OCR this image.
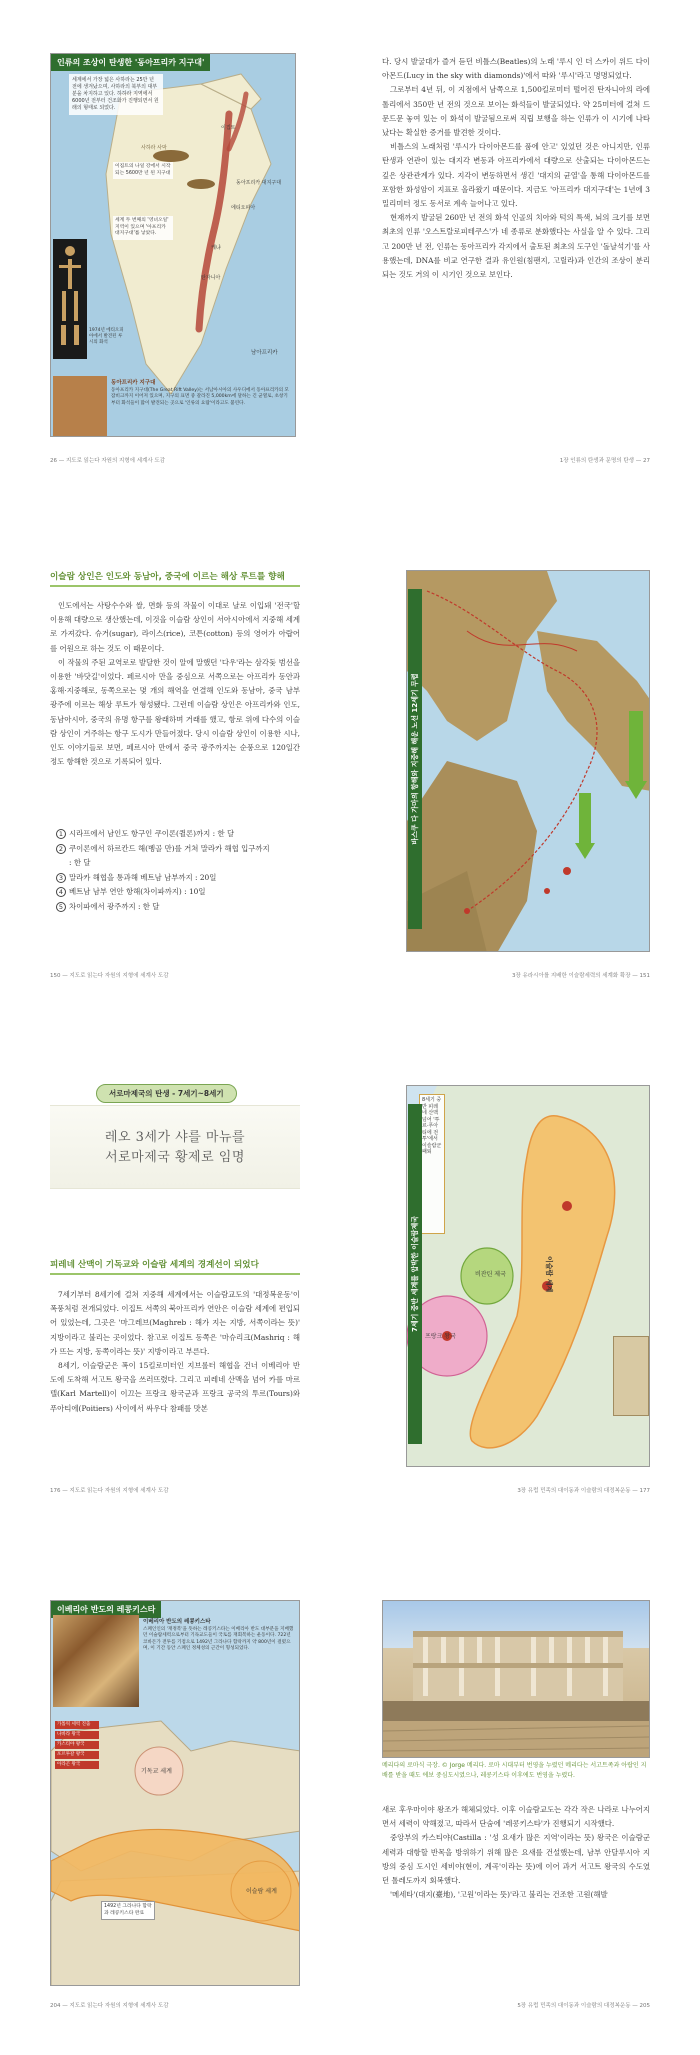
인류의 조상이 탄생한 '동아프리카 지구대'
남아프리카
동아프리카 대지구대
이집트
에티오피아
케냐
탄자니아
사하라 사막
세계에서 가장 넓은 사하라는 25만 년 전에 생겨났으며, 사하라의 북부의 대부분을 차지하고 있다. 하하라 지역에서 6000년 전부터 건조화가 진행되면서 원래의 형태로 되었다.
이집트의 나일 강에서 시작되는 5600만 년 된 지구대
세계 두 번째의 '영녀오일' 지역이 있으며 '아프리카 대지구대'를 낳았다.
1974년 에티오피아에서 발견된 루시의 화석
동아프리카 지구대
동아프리카 지구대(The Great Rift Valley)는 서남아시아의 사우디에서 동아프리카의 모잠비크까지 이어져 있으며, 지구의 표면 중 갈라진 5,000km에 달하는 긴 균열로, 초창기부터 화석들이 많이 발견되는 곳으로 '인류의 요람'이라고도 불린다.
26 — 지도로 읽는다 자원의 지형에 세계사 도감

다. 당시 발굴대가 즐겨 듣던 비틀스(Beatles)의 노래 '루시 인 더 스카이 위드 다이아몬드(Lucy in the sky with diamonds)'에서 따와 '루시'라고 명명되었다.

그로부터 4년 뒤, 이 지점에서 남쪽으로 1,500킬로미터 떨어진 탄자니아의 라에톨리에서 350만 년 전의 것으로 보이는 화석들이 발굴되었다. 약 25미터에 걸쳐 드문드문 놓여 있는 이 화석이 발굴됨으로써 직립 보행을 하는 인류가 이 시기에 나타났다는 확실한 증거를 발견한 것이다.

비틀스의 노래처럼 '루시가 다이아몬드를 품에 안고' 있었던 것은 아니지만, 인류 탄생과 연관이 있는 대지각 변동과 아프리카에서 대량으로 산출되는 다이아몬드는 깊은 상관관계가 있다. 지각이 변동하면서 생긴 '대지의 균열'을 통해 다이아몬드를 포함한 화성암이 지표로 올라왔기 때문이다. 지금도 '아프리카 대지구대'는 1년에 3밀리미터 정도 동서로 계속 늘어나고 있다.

현재까지 발굴된 260만 년 전의 화석 인골의 치아와 턱의 특색, 뇌의 크기를 보면 최초의 인류 '오스트랄로피테쿠스'가 네 종류로 분화했다는 사실을 알 수 있다. 그리고 200만 년 전, 인류는 동아프리카 각지에서 출토된 최초의 도구인 '돌날석기'를 사용했는데, DNA를 비교 연구한 결과 유인원(침팬지, 고릴라)과 인간의 조상이 분리되는 것도 거의 이 시기인 것으로 보인다.

1장 인류의 탄생과 문명의 탄생 — 27
이슬람 상인은 인도와 동남아, 중국에 이르는 해상 루트를 향해

인도에서는 사탕수수와 쌀, 면화 등의 작물이 이대로 날로 이입돼 '전국'할 이용해 대량으로 생산했는데, 이것을 이슬람 상인이 서아시아에서 지중해 세계로 가져갔다. 슈거(sugar), 라이스(rice), 코튼(cotton) 등의 영어가 아랍어를 어원으로 하는 것도 이 때문이다.

이 작물의 주된 교역로로 발달한 것이 알에 말했던 '다우'라는 삼각돛 범선을 이용한 '바닷길'이었다. 페르시아 만을 중심으로 서쪽으로는 아프리카 동안과 홍해·지중해로, 동쪽으로는 몇 개의 해역을 연결해 인도와 동남아, 중국 남부 광주에 이르는 해상 루트가 형성됐다. 그런데 이슬람 상인은 아프리카와 인도, 동남아시아, 중국의 유명 항구를 왕래하며 거래를 했고, 항로 위에 다수의 이슬람 상인이 거주하는 항구 도시가 만들어졌다. 당시 이슬람 상인이 이용한 시나, 인도 이야기들로 보면, 페르시아 만에서 중국 광주까지는 순풍으로 120일간 정도 항해한 것으로 기록되어 있다.

1 시라프에서 남인도 항구인 쿠이론(퀼론)까지 : 한 달
2 쿠이론에서 하르칸드 해(벵골 만)를 거쳐 말라카 해협 입구까지
: 한 달
3 말라카 해협을 통과해 베트남 남부까지 : 20일
4 베트남 남부 연안 항해(차이파까지) : 10일
5 차이파에서 광주까지 : 한 달
150 — 지도로 읽는다 자원의 지형에 세계사 도감
바스쿠 다 가마의 항해와 지중해 해운 노선 12세기 무렵
3장 유라시아를 지배한 이슬람세력의 세계화 확장 — 151
서로마제국의 탄생 - 7세기~8세기
레오 3세가 샤를 마뉴를
서로마제국 황제로 임명
피레네 산맥이 기독교와 이슬람 세계의 경계선이 되었다

7세기부터 8세기에 걸쳐 지중해 세계에서는 이슬람교도의 '대정복운동'이 폭풍처럼 전개되었다. 이집트 서쪽의 북아프리카 연안은 이슬람 세계에 편입되어 있었는데, 그곳은 '마그레브(Maghreb : 해가 지는 지방, 서쪽이라는 뜻)' 지방이라고 불리는 곳이었다. 참고로 이집트 동쪽은 '마슈리크(Mashriq : 해가 뜨는 지방, 동쪽이라는 뜻)' 지방이라고 부른다.

8세기, 이슬람군은 폭이 15킬로미터인 지브롤터 해협을 건너 이베리아 반도에 도착해 서고트 왕국을 쓰러뜨렸다. 그리고 피레네 산맥을 넘어 카를 마르텔(Karl Martell)이 이끄는 프랑크 왕국군과 프랑크 공국의 투르(Tours)와 푸아티에(Poitiers) 사이에서 싸우다 참패를 맛본

176 — 지도로 읽는다 자원의 지형에 세계사 도감
이슬람 세계
비잔틴 제국
프랑크 왕국
8세기 중반 피레네 산맥 넘어 '투르·푸아티에 전투'에서 이슬람군 패퇴
7세기 중반 세계를 압박한 이슬람제국
3장 유럽 민족의 대이동과 이슬람의 대정복운동 — 177
이베리아 반도의 레콩키스타
이베리아 반도의 레콩키스타
스페인인의 '재정복'을 뜻하는 레콩키스타는 이베리아 반도 대부분을 지배했던 이슬람세력으로부터 기독교도들이 국토를 재회복하는 운동이다. 722년 코바돈가 전투를 기점으로 1492년 그라나다 함락까지 약 800년이 걸렸으며, 이 기간 동안 스페인 정체성의 근간이 형성되었다.
기독교 세계
이슬람 세계
가톨릭 세력 진출
나바라 왕국
카스티야 왕국
포르투갈 왕국
아라곤 왕국
1492년 그라나다 함락과 레콩키스타 완료
204 — 지도로 읽는다 자원의 지형에 세계사 도감
메리다의 로마식 극장. © Jorge 메리다. 로마 시대부터 번영을 누렸던 메리다는 서고트족과 아랍인 지배를 받을 때도 에보 중심도시였으나, 레콩키스타 이후에도 번영을 누렸다.

새로 후우마이야 왕조가 해체되었다. 이후 이슬람교도는 각각 작은 나라로 나누어지면서 세력이 약해졌고, 따라서 단숨에 '레콩키스타'가 진행되기 시작했다.

중앙부의 카스티야(Castilla : '성 요새가 많은 지역'이라는 뜻) 왕국은 이슬람군세력과 대항할 반목을 방위하기 위해 많은 요새를 건설했는데, 남부 안달루시아 지방의 중심 도시인 세비야(현이, 계곡'이라는 뜻)에 이어 과거 서고트 왕국의 수도였던 톨레도까지 회복했다.

'메세타'(대지(臺地), '고원'이라는 뜻)'라고 불리는 건조한 고원(해발

5장 유럽 민족의 대이동과 이슬람의 대정복운동 — 205
